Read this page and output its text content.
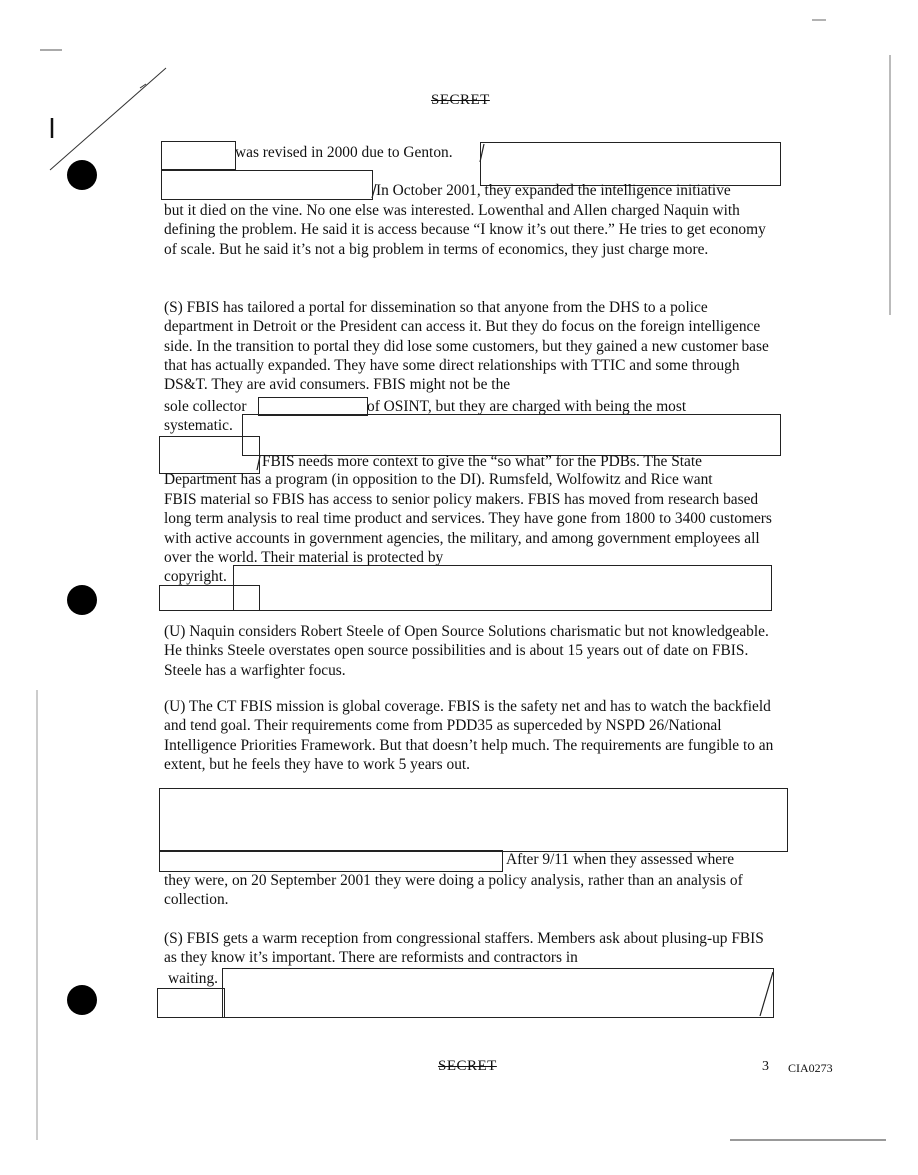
SECRET
was revised in 2000 due to Genton.
In October 2001, they expanded the intelligence initiative
but it died on the vine. No one else was interested. Lowenthal and Allen charged Naquin with defining the problem. He said it is access because “I know it’s out there.” He tries to get economy of scale. But he said it’s not a big problem in terms of economics, they just charge more.
(S) FBIS has tailored a portal for dissemination so that anyone from the DHS to a police department in Detroit or the President can access it. But they do focus on the foreign intelligence side. In the transition to portal they did lose some customers, but they gained a new customer base that has actually expanded. They have some direct relationships with TTIC and some through DS&T. They are avid consumers. FBIS might not be the
sole collector	of OSINT, but they are charged with being the most
systematic.
FBIS needs more context to give the “so what” for the PDBs. The State
Department has a program (in opposition to the DI). Rumsfeld, Wolfowitz and Rice want
FBIS material so FBIS has access to senior policy makers. FBIS has moved from research based long term analysis to real time product and services. They have gone from 1800 to 3400 customers with active accounts in government agencies, the military, and among government employees all over the world. Their material is protected by
copyright.
(U) Naquin considers Robert Steele of Open Source Solutions charismatic but not knowledgeable. He thinks Steele overstates open source possibilities and is about 15 years out of date on FBIS. Steele has a warfighter focus.
(U) The CT FBIS mission is global coverage. FBIS is the safety net and has to watch the backfield and tend goal. Their requirements come from PDD35 as superceded by NSPD 26/National Intelligence Priorities Framework. But that doesn’t help much. The requirements are fungible to an extent, but he feels they have to work 5 years out.
After 9/11 when they assessed where
they were, on 20 September 2001 they were doing a policy analysis, rather than an analysis of collection.
(S) FBIS gets a warm reception from congressional staffers. Members ask about plusing-up FBIS as they know it’s important. There are reformists and contractors in
waiting.
SECRET	3 CIA0273
